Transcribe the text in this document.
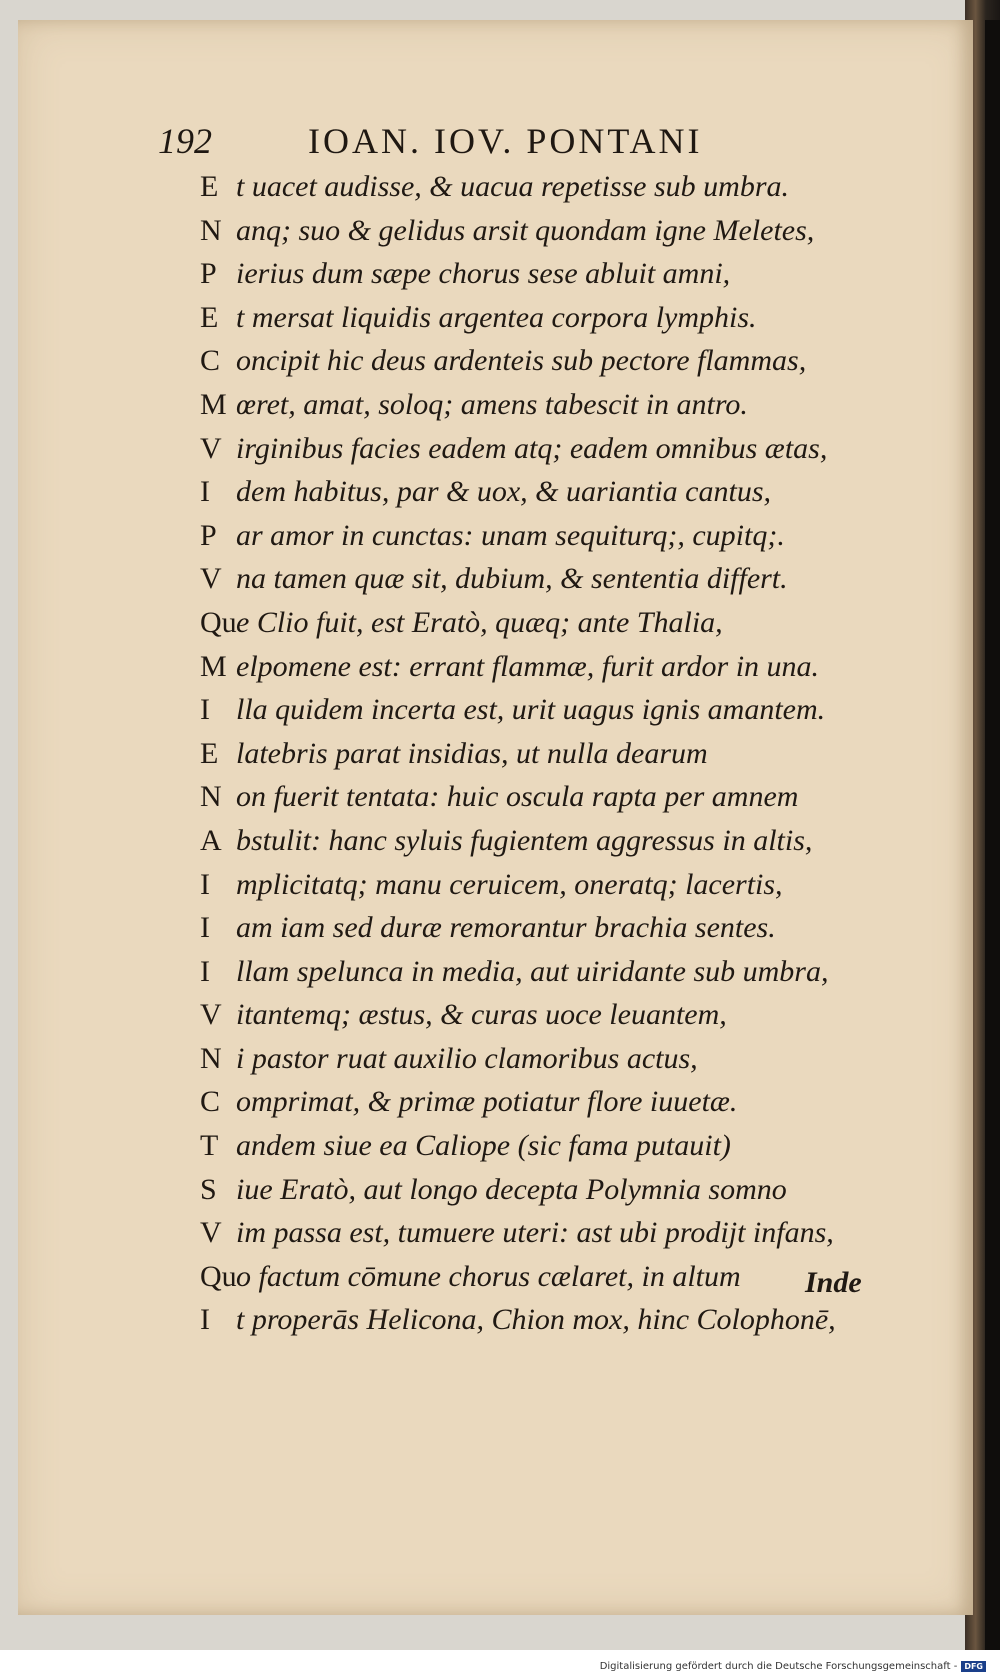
192	IOAN. IOV. PONTANI
E t uacet audisse, & uacua repetisse sub umbra.
N anq; suo & gelidus arsit quondam igne Meletes,
P ierius dum sæpe chorus sese abluit amni,
E t mersat liquidis argentea corpora lymphis.
C oncipit hic deus ardenteis sub pectore flammas,
M œret, amat, soloq; amens tabescit in antro.
V irginibus facies eadem atq; eadem omnibus ætas,
I dem habitus, par & uox, & uariantia cantus,
P ar amor in cunctas: unam sequiturq;, cupitq;.
V na tamen quæ sit, dubium, & sententia differt.
Que Clio fuit, est Eratò, quæq; ante Thalia,
M elpomene est: errant flammæ, furit ardor in una.
I lla quidem incerta est, urit uagus ignis amantem.
E latebris parat insidias, ut nulla dearum
N on fuerit tentata: huic oscula rapta per amnem
A bstulit: hanc syluis fugientem aggressus in altis,
I mplicitatq; manu ceruicem, oneratq; lacertis,
I am iam sed duræ remorantur brachia sentes.
I llam spelunca in media, aut uiridante sub umbra,
V itantemq; æstus, & curas uoce leuantem,
N i pastor ruat auxilio clamoribus actus,
C omprimat, & primæ potiatur flore iuuetæ.
T andem siue ea Caliope (sic fama putauit)
S iue Eratò, aut longo decepta Polymnia somno
V im passa est, tumuere uteri: ast ubi prodijt infans,
Quo factum cōmune chorus cælaret, in altum
I t properās Helicona, Chion mox, hinc Colophonē,
Inde
Digitalisierung gefördert durch die Deutsche Forschungsgemeinschaft - DFG
